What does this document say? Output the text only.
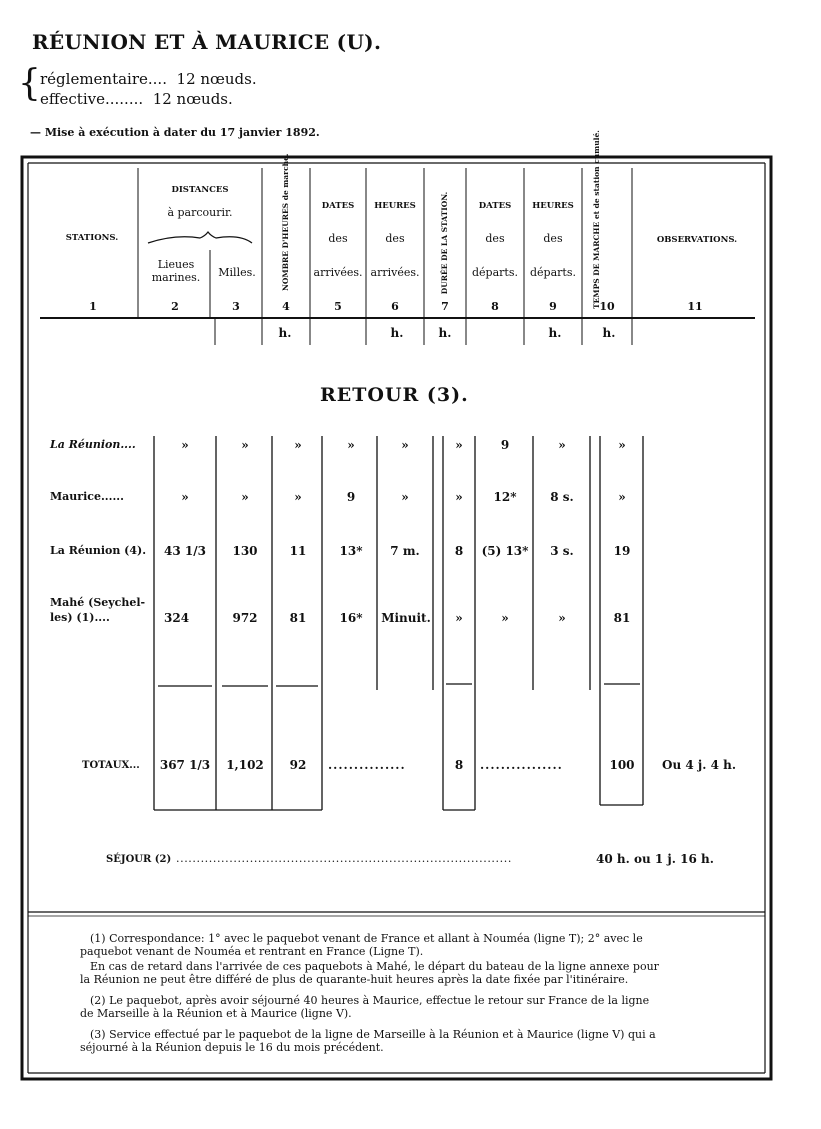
RÉUNION ET À MAURICE (U).
{ réglementaire.... 12 nœuds.
effective........ 12 nœuds.
— Mise à exécution à dater du 17 janvier 1892.
STATIONS.
DISTANCES
à parcourir.
Lieues marines.	Milles.	NOMBRE D'HEURES de marche.	DATES
des
arrivées.
HEURES
des
arrivées.	DURÉE DE LA STATION.	DATES
des
départs.
HEURES
des
départs.	TEMPS DE MARCHE et de station cumulé.	OBSERVATIONS.
1	2	3	4	5	6	7	8	9	10	11
h.	h.	h.	h.	h.
RETOUR (3).
La Réunion....	»	»	»	»	»	»	9	»	»
Maurice......	»	»	»	9	»	»	12*	8 s.	»
La Réunion (4).	43 1/3	130	11	13*	7 m.	8	(5) 13*	3 s.	19
Mahé (Seychel-
les) (1)....	324	972	81	16*	Minuit.	»	»	»	81
TOTAUX... 367 1/3	1,102	92	...............	8	................	100	Ou 4 j. 4 h.
SÉJOUR (2) ..................................................................................	40 h. ou 1 j. 16 h.
(1) Correspondance: 1° avec le paquebot venant de France et allant à Nouméa (ligne T); 2° avec le
paquebot venant de Nouméa et rentrant en France (Ligne T).
En cas de retard dans l'arrivée de ces paquebots à Mahé, le départ du bateau de la ligne annexe pour
la Réunion ne peut être différé de plus de quarante-huit heures après la date fixée par l'itinéraire.
(2) Le paquebot, après avoir séjourné 40 heures à Maurice, effectue le retour sur France de la ligne
de Marseille à la Réunion et à Maurice (ligne V).
(3) Service effectué par le paquebot de la ligne de Marseille à la Réunion et à Maurice (ligne V) qui a
séjourné à la Réunion depuis le 16 du mois précédent.
